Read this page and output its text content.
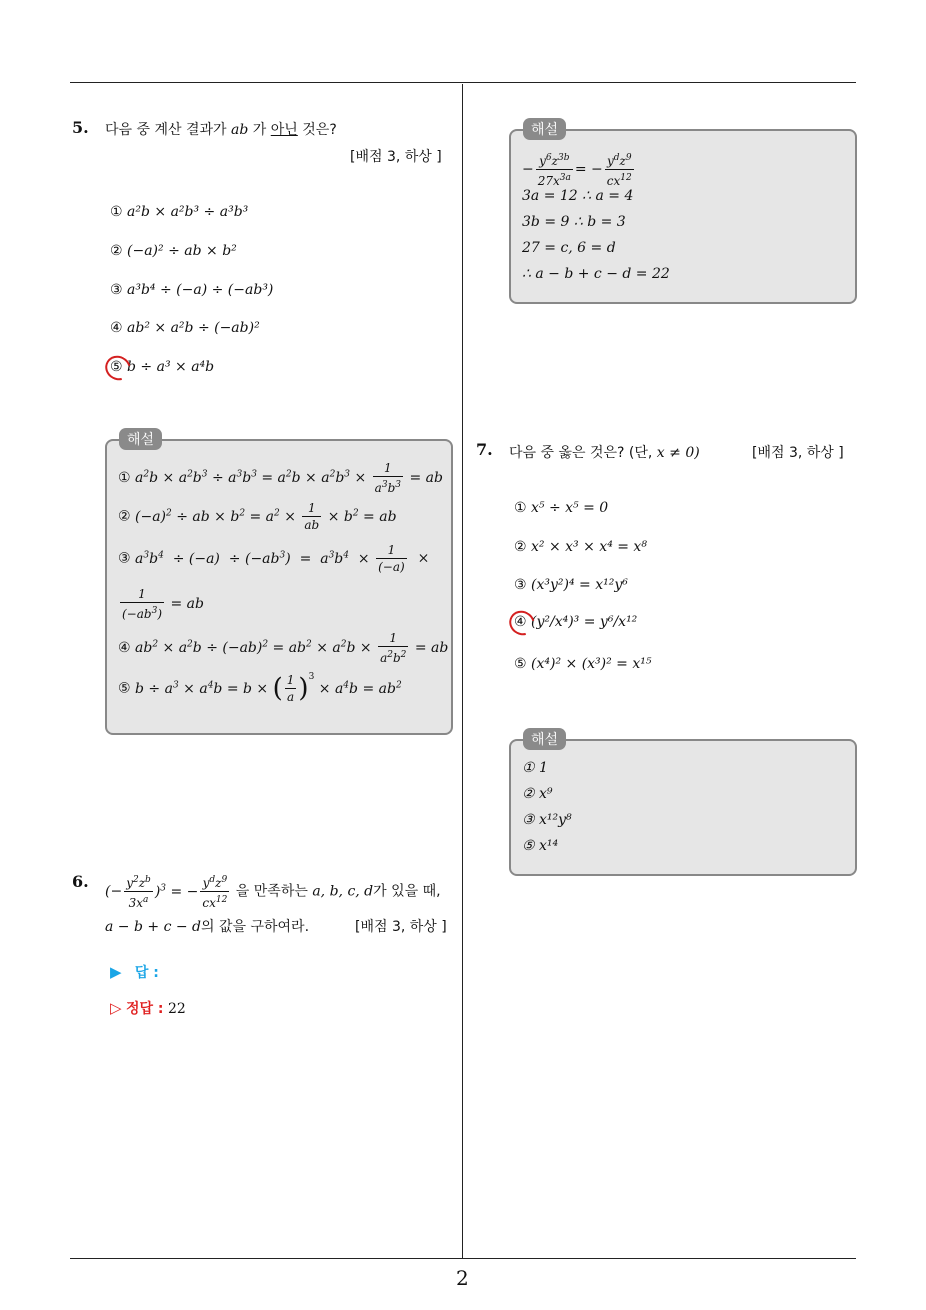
5. 다음 중 계산 결과가 ab 가 아닌 것은?
[배점 3, 하상 ]
① a²b × a²b³ ÷ a³b³
② (−a)² ÷ ab × b²
③ a³b⁴ ÷ (−a) ÷ (−ab³)
④ ab² × a²b ÷ (−ab)²
⑤ b ÷ a³ × a⁴b
해설
① $a^2b \times a^2b^3 \div a^3b^3 = a^2b \times a^2b^3 \times \frac{1}{a^3b^3}$ = ab
② $(-a)^2$ ÷ ab × $b^2 = a^2 \times \frac{1}{ab} \times b^2$ = ab
③ $a^3b^4 \div (-a) \div (-ab^3) = a^3b^4 \times \frac{1}{(-a)}$ ×
$\frac{1}{(-ab^3)}$ = ab
④ $ab^2 \times a^2b \div (-ab)^2 = ab^2 \times a^2b \times \frac{1}{a^2b^2}$ = ab
⑤ $b \div a^3 \times a^4b = b$ × ( $\frac{1}{a} )^3 \times a^4b = ab^2$
6.
(− $\frac{y^2z^b}{3x^a} )^3$ = − $\frac{y^dz^9}{cx^{12}}$ 을 만족하는 a, b, c, d가 있을 때,
a − b + c − d의 값을 구하여라.	[배점 3, 하상 ]
▶ 답 :
▷ 정답 : 22
해설
− $\frac{y^6z^{3b}}{27x^{3a}}$ = − $\frac{y^dz^9}{cx^{12}}$
3a = 12 ∴ a = 4
3b = 9 ∴ b = 3
27 = c, 6 = d
∴ a − b + c − d = 22
7. 다음 중 옳은 것은? (단, x ≠ 0)	[배점 3, 하상 ]
① x⁵ ÷ x⁵ = 0
② x² × x³ × x⁴ = x⁸
③ (x³y²)⁴ = x¹²y⁶
④ (y²/x⁴)³ = y⁶/x¹²
⑤ (x⁴)² × (x³)² = x¹⁵
해설
① 1
② x⁹
③ x¹²y⁸
⑤ x¹⁴
2
